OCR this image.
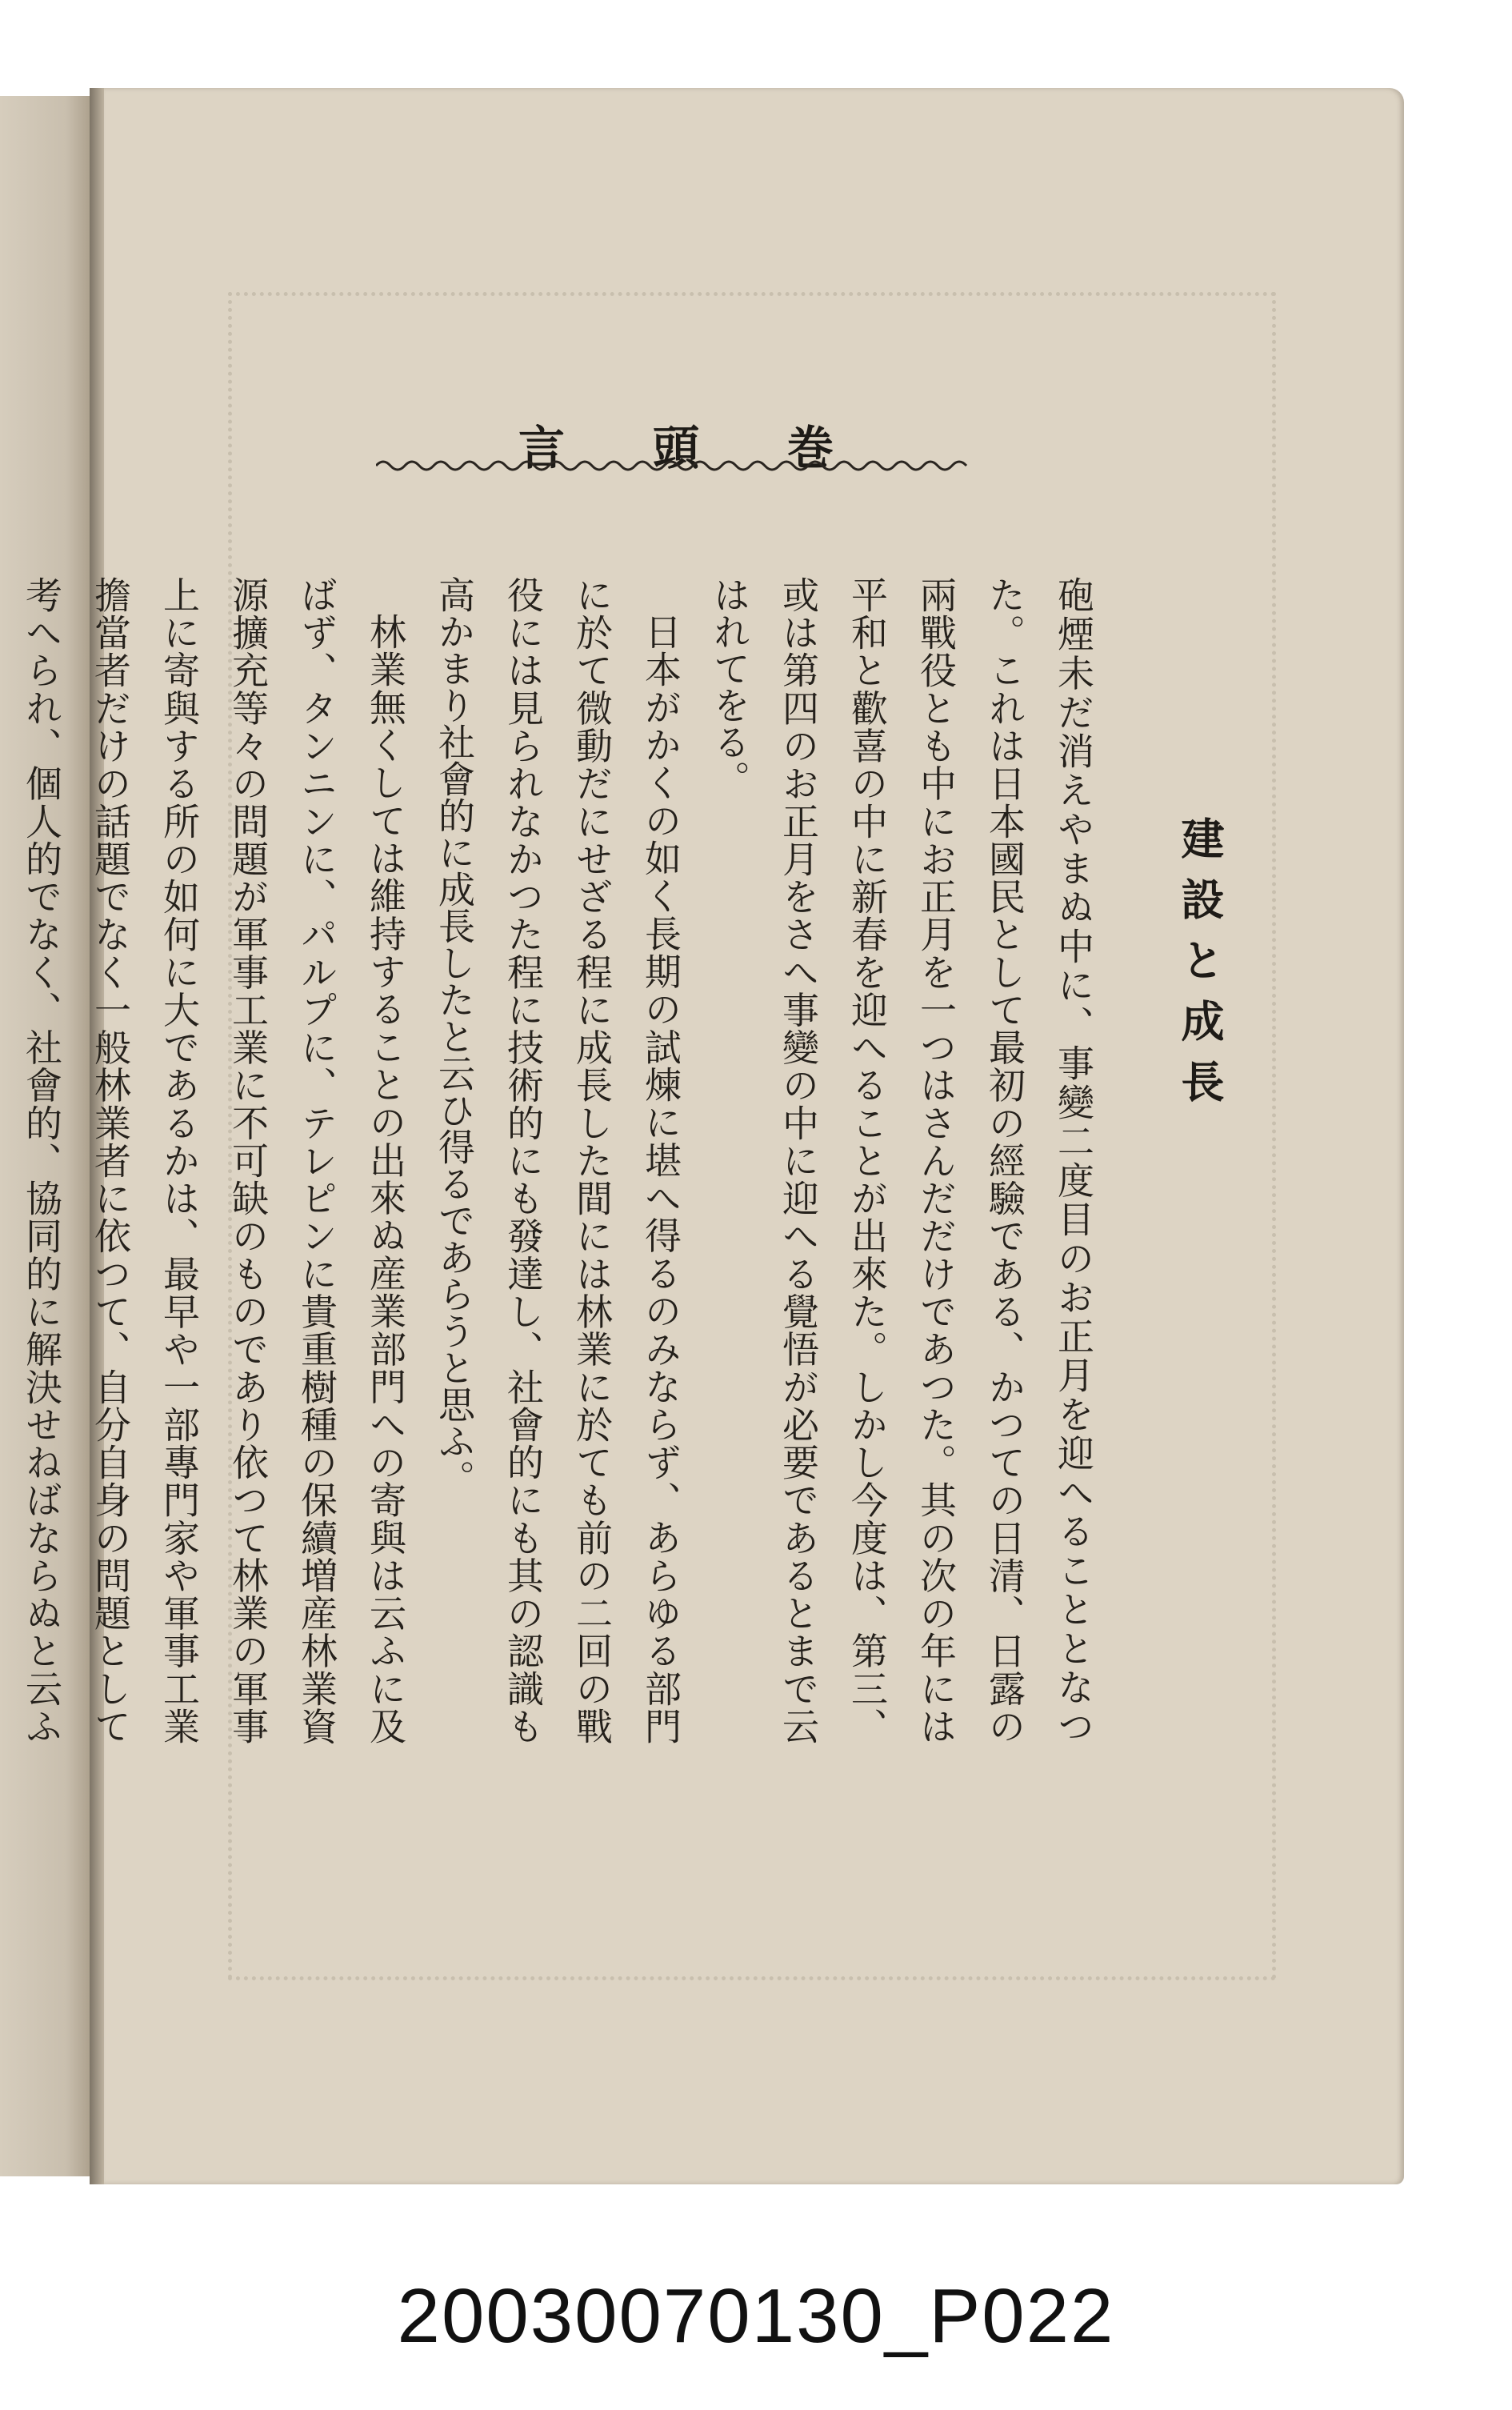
巻頭言
建設と成長

砲煙未だ消えやまぬ中に、事變二度目のお正月を迎へることとなつた。これは日本國民として最初の經驗である、かつての日清、日露の兩戰役とも中にお正月を一つはさんだだけであつた。其の次の年には平和と歡喜の中に新春を迎へることが出來た。しかし今度は、第三、或は第四のお正月をさへ事變の中に迎へる覺悟が必要であるとまで云はれてをる。

日本がかくの如く長期の試煉に堪へ得るのみならず、あらゆる部門に於て微動だにせざる程に成長した間には林業に於ても前の二回の戰役には見られなかつた程に技術的にも發達し、社會的にも其の認識も高かまり社會的に成長したと云ひ得るであらうと思ふ。

林業無くしては維持することの出來ぬ産業部門への寄與は云ふに及ばず、タンニンに、パルプに、テレピンに貴重樹種の保續増産林業資源擴充等々の問題が軍事工業に不可缺のものであり依つて林業の軍事上に寄與する所の如何に大であるかは、最早や一部專門家や軍事工業擔當者だけの話題でなく一般林業者に依つて、自分自身の問題として考へられ、個人的でなく、社會的、協同的に解決せねばならぬと云ふ

20030070130_P022
